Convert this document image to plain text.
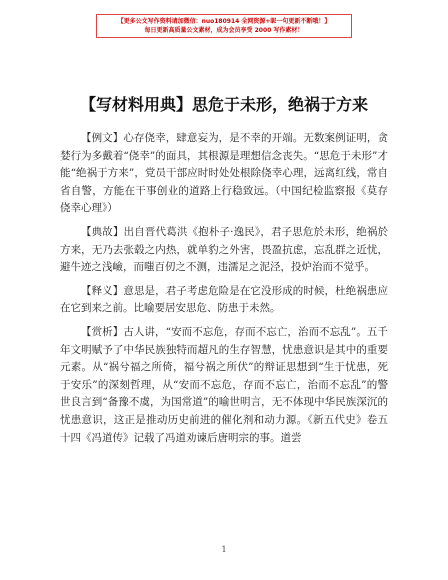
【更多公文写作资料请加微信：nuo180914 全网资源+昵一句更新不断哦！】
每日更新高质量公文素材，成为会员享受 2000 写作素材！
【写材料用典】思危于未形，绝祸于方来

【例文】心存侥幸，肆意妄为，是不幸的开端。无数案例证明，贪婪行为多戴着“侥幸”的面具，其根源是理想信念丧失。“思危于未形”才能“绝祸于方来”，党员干部应时时处处根除侥幸心理，远离红线，常自省自警，方能在干事创业的道路上行稳致远。（中国纪检监察报《莫存侥幸心理》）

【典故】出自晋代葛洪《抱朴子·逸民》，君子思危於未形，绝祸於方来，无乃去张毂之内热，就单豹之外害，畏盈抗虑，忘乱群之近忧，避牛迹之浅嶮，而嗤百仞之不测，违濡足之泥泾，投炉治而不觉乎。

【释义】意思是，君子考虑危险是在它没形成的时候，杜绝祸患应在它到来之前。比喻要居安思危、防患于未然。

【赏析】古人讲，“安而不忘危，存而不忘亡，治而不忘乱”。五千年文明赋予了中华民族独特而超凡的生存智慧，忧患意识是其中的重要元素。从“祸兮福之所倚，福兮祸之所伏”的辩证思想到“生于忧患，死于安乐”的深刻哲理，从“安而不忘危，存而不忘亡，治而不忘乱”的警世良言到“备豫不虞，为国常道”的喻世明言，无不体现中华民族深沉的忧患意识，这正是推动历史前进的催化剂和动力源。《新五代史》卷五十四《冯道传》记载了冯道劝谏后唐明宗的事。道尝

1
